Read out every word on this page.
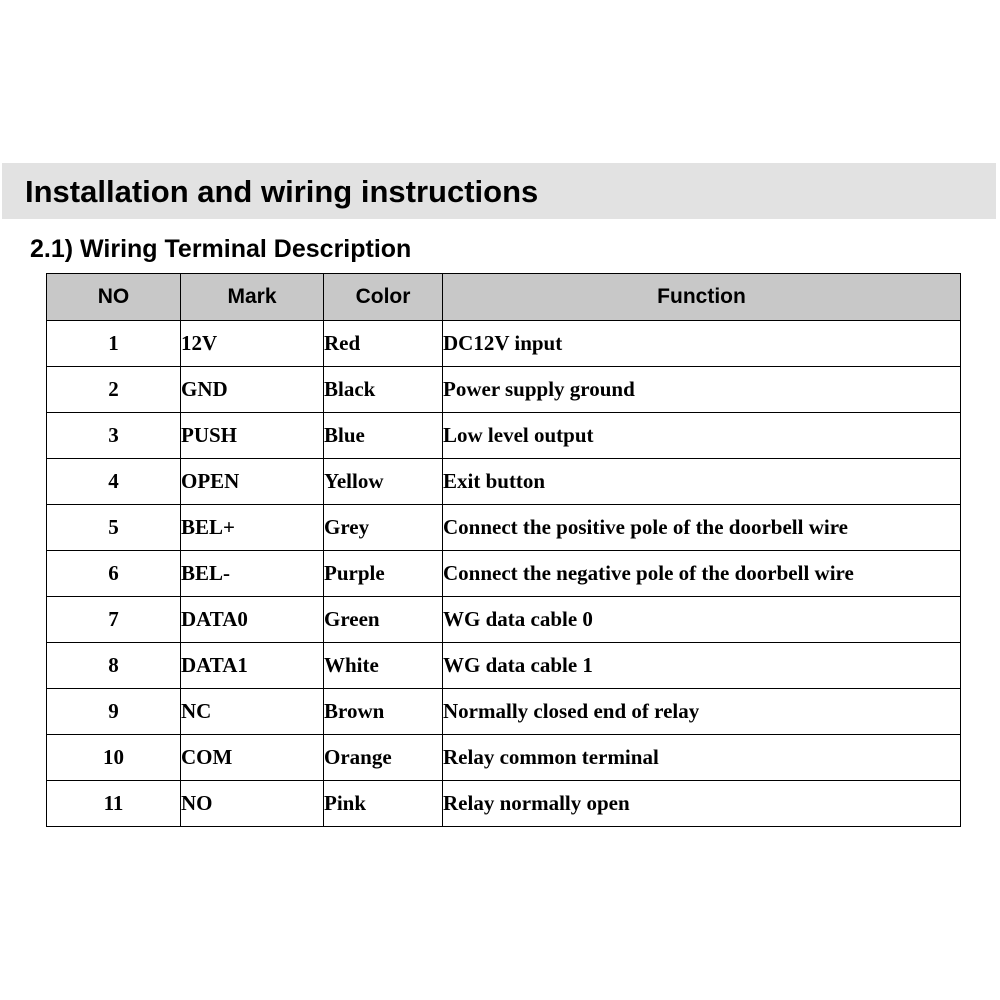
Installation and wiring instructions
2.1) Wiring Terminal Description
NO	Mark	Color	Function
1	12V	Red	DC12V input
2	GND	Black	Power supply ground
3	PUSH	Blue	Low level output
4	OPEN	Yellow	Exit button
5	BEL+	Grey	Connect the positive pole of the doorbell wire
6	BEL-	Purple	Connect the negative pole of the doorbell wire
7	DATA0	Green	WG data cable 0
8	DATA1	White	WG data cable 1
9	NC	Brown	Normally closed end of relay
10	COM	Orange	Relay common terminal
11	NO	Pink	Relay normally open
